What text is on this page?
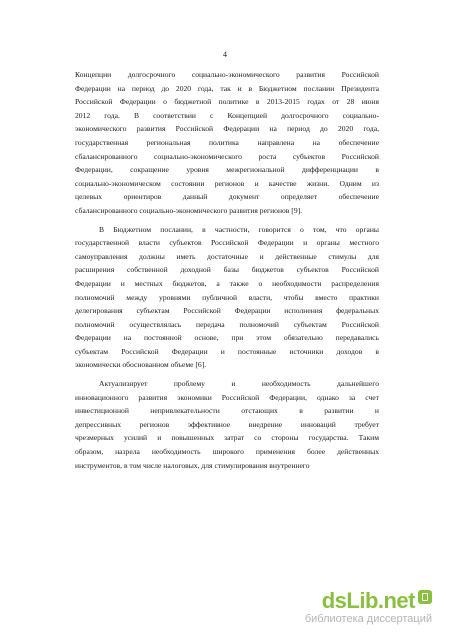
4

Концепции долгосрочного социально-экономического развития Российской
Федерации на период до 2020 года, так и в Бюджетном послании Президента
Российской Федерации о бюджетной политике в 2013-2015 годах от 28 июня
2012 года. В соответствии с Концепцией долгосрочного социально-
экономического развития Российской Федерации на период до 2020 года,
государственная региональная политика направлена на обеспечение
сбалансированного социально-экономического роста субъектов Российской
Федерации, сокращение уровня межрегиональной дифференциации в
социально-экономическом состоянии регионов и качестве жизни. Одним из
целевых ориентиров данный документ определяет обеспечение
сбалансированного социально-экономического развития регионов [9].

В Бюджетном послании, в частности, говорится о том, что органы
государственной власти субъектов Российской Федерации и органы местного
самоуправления должны иметь достаточные и действенные стимулы для
расширения собственной доходной базы бюджетов субъектов Российской
Федерации и местных бюджетов, а также о необходимости распределения
полномочий между уровнями публичной власти, чтобы вместо практики
делегирования субъектам Российской Федерации исполнения федеральных
полномочий осуществлялась передача полномочий субъектам Российской
Федерации на постоянной основе, при этом обязательно передавались
субъектам Российской Федерации и постоянные источники доходов в
экономически обоснованном объеме [6].

Актуализирует проблему и необходимость дальнейшего
инновационного развития экономики Российской Федерации, однако за счет
инвестиционной непривлекательности отстающих в развитии и
депрессивных регионов эффективное внедрение инноваций требует
чрезмерных усилий и повышенных затрат со стороны государства. Таким
образом, назрела необходимость широкого применения более действенных
инструментов, в том числе налоговых, для стимулирования внутреннего

dsLib.net
библиотека диссертаций
